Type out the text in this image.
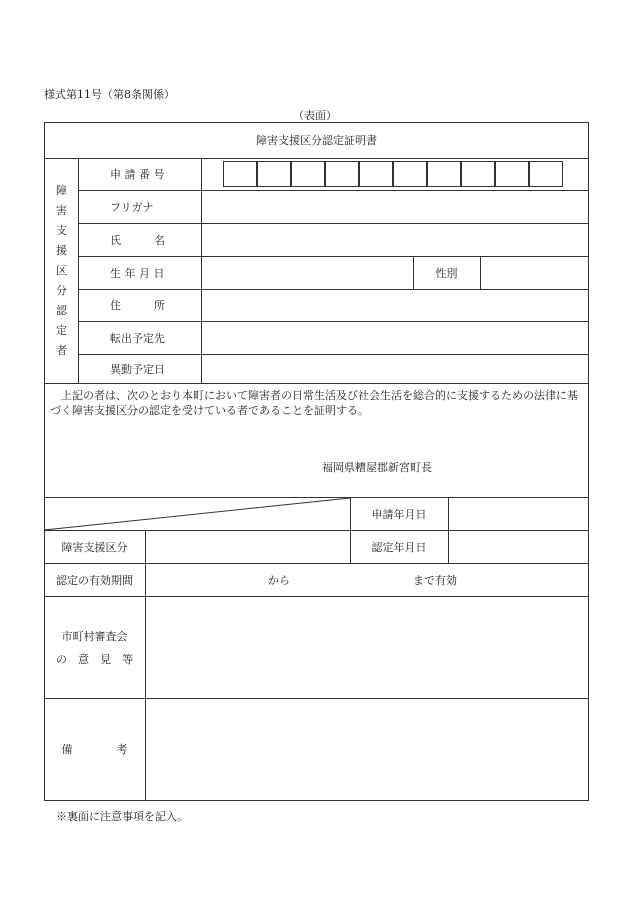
様式第11号（第8条関係）
（表面）
障害支援区分認定証明書
障
害
支
援
区
分
認
定
者
申 請 番 号
フリガナ
氏　　　名
生 年 月 日	性別
住　　　所
転出予定先
異動予定日
上記の者は、次のとおり本町において障害者の日常生活及び社会生活を総合的に支援するための法律に基づく障害支援区分の認定を受けている者であることを証明する。
福岡県糟屋郡新宮町長
申請年月日
障害支援区分	認定年月日
認定の有効期間	から	まで有効
市町村審査会
の　意　見　等
備　　　　考
※裏面に注意事項を記入。
